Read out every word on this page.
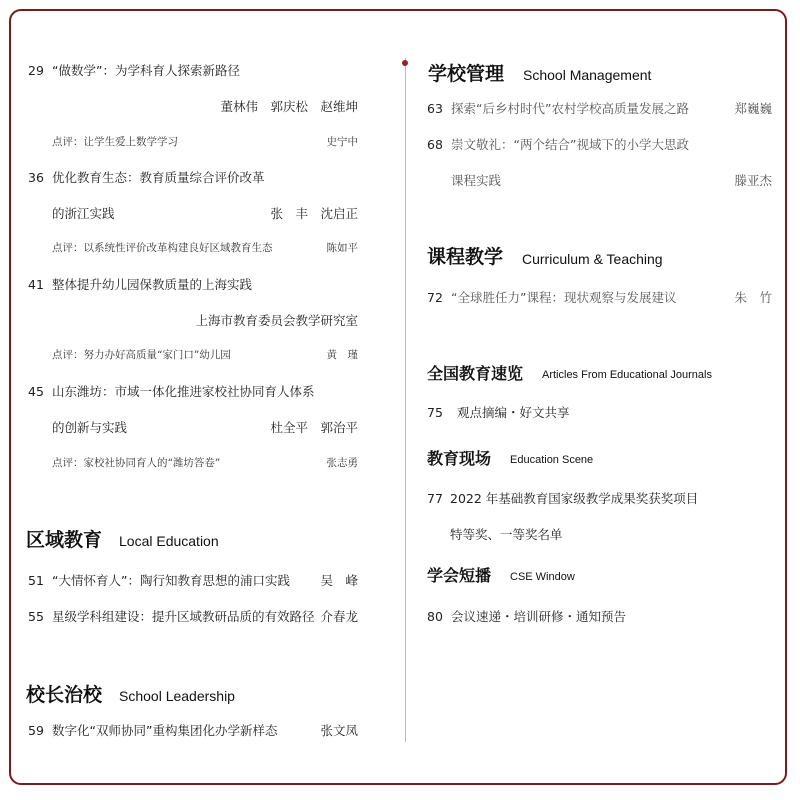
29 “做数学”：为学科育人探索新路径
董林伟　郭庆松　赵维坤
点评：让学生爱上数学学习	史宁中
36 优化教育生态：教育质量综合评价改革
的浙江实践	张　丰　沈启正
点评：以系统性评价改革构建良好区域教育生态	陈如平
41 整体提升幼儿园保教质量的上海实践
上海市教育委员会教学研究室
点评：努力办好高质量“家门口”幼儿园	黄　瑾
45 山东潍坊：市域一体化推进家校社协同育人体系
的创新与实践	杜全平　郭治平
点评：家校社协同育人的“潍坊答卷”	张志勇
区域教育 Local Education
51 “大情怀育人”：陶行知教育思想的浦口实践 吴　峰
55 星级学科组建设：提升区域教研品质的有效路径 介春龙
校长治校 School Leadership
59 数字化“双师协同”重构集团化办学新样态	张文凤
学校管理 School Management
63 探索“后乡村时代”农村学校高质量发展之路	郑巍巍
68 崇文敬礼：“两个结合”视域下的小学大思政
课程实践	滕亚杰
课程教学 Curriculum & Teaching
72 “全球胜任力”课程：现状观察与发展建议	朱　竹
全国教育速览 Articles From Educational Journals
75 观点摘编・好文共享
教育现场 Education Scene
77 2022 年基础教育国家级教学成果奖获奖项目
特等奖、一等奖名单
学会短播 CSE Window
80 会议速递・培训研修・通知预告
